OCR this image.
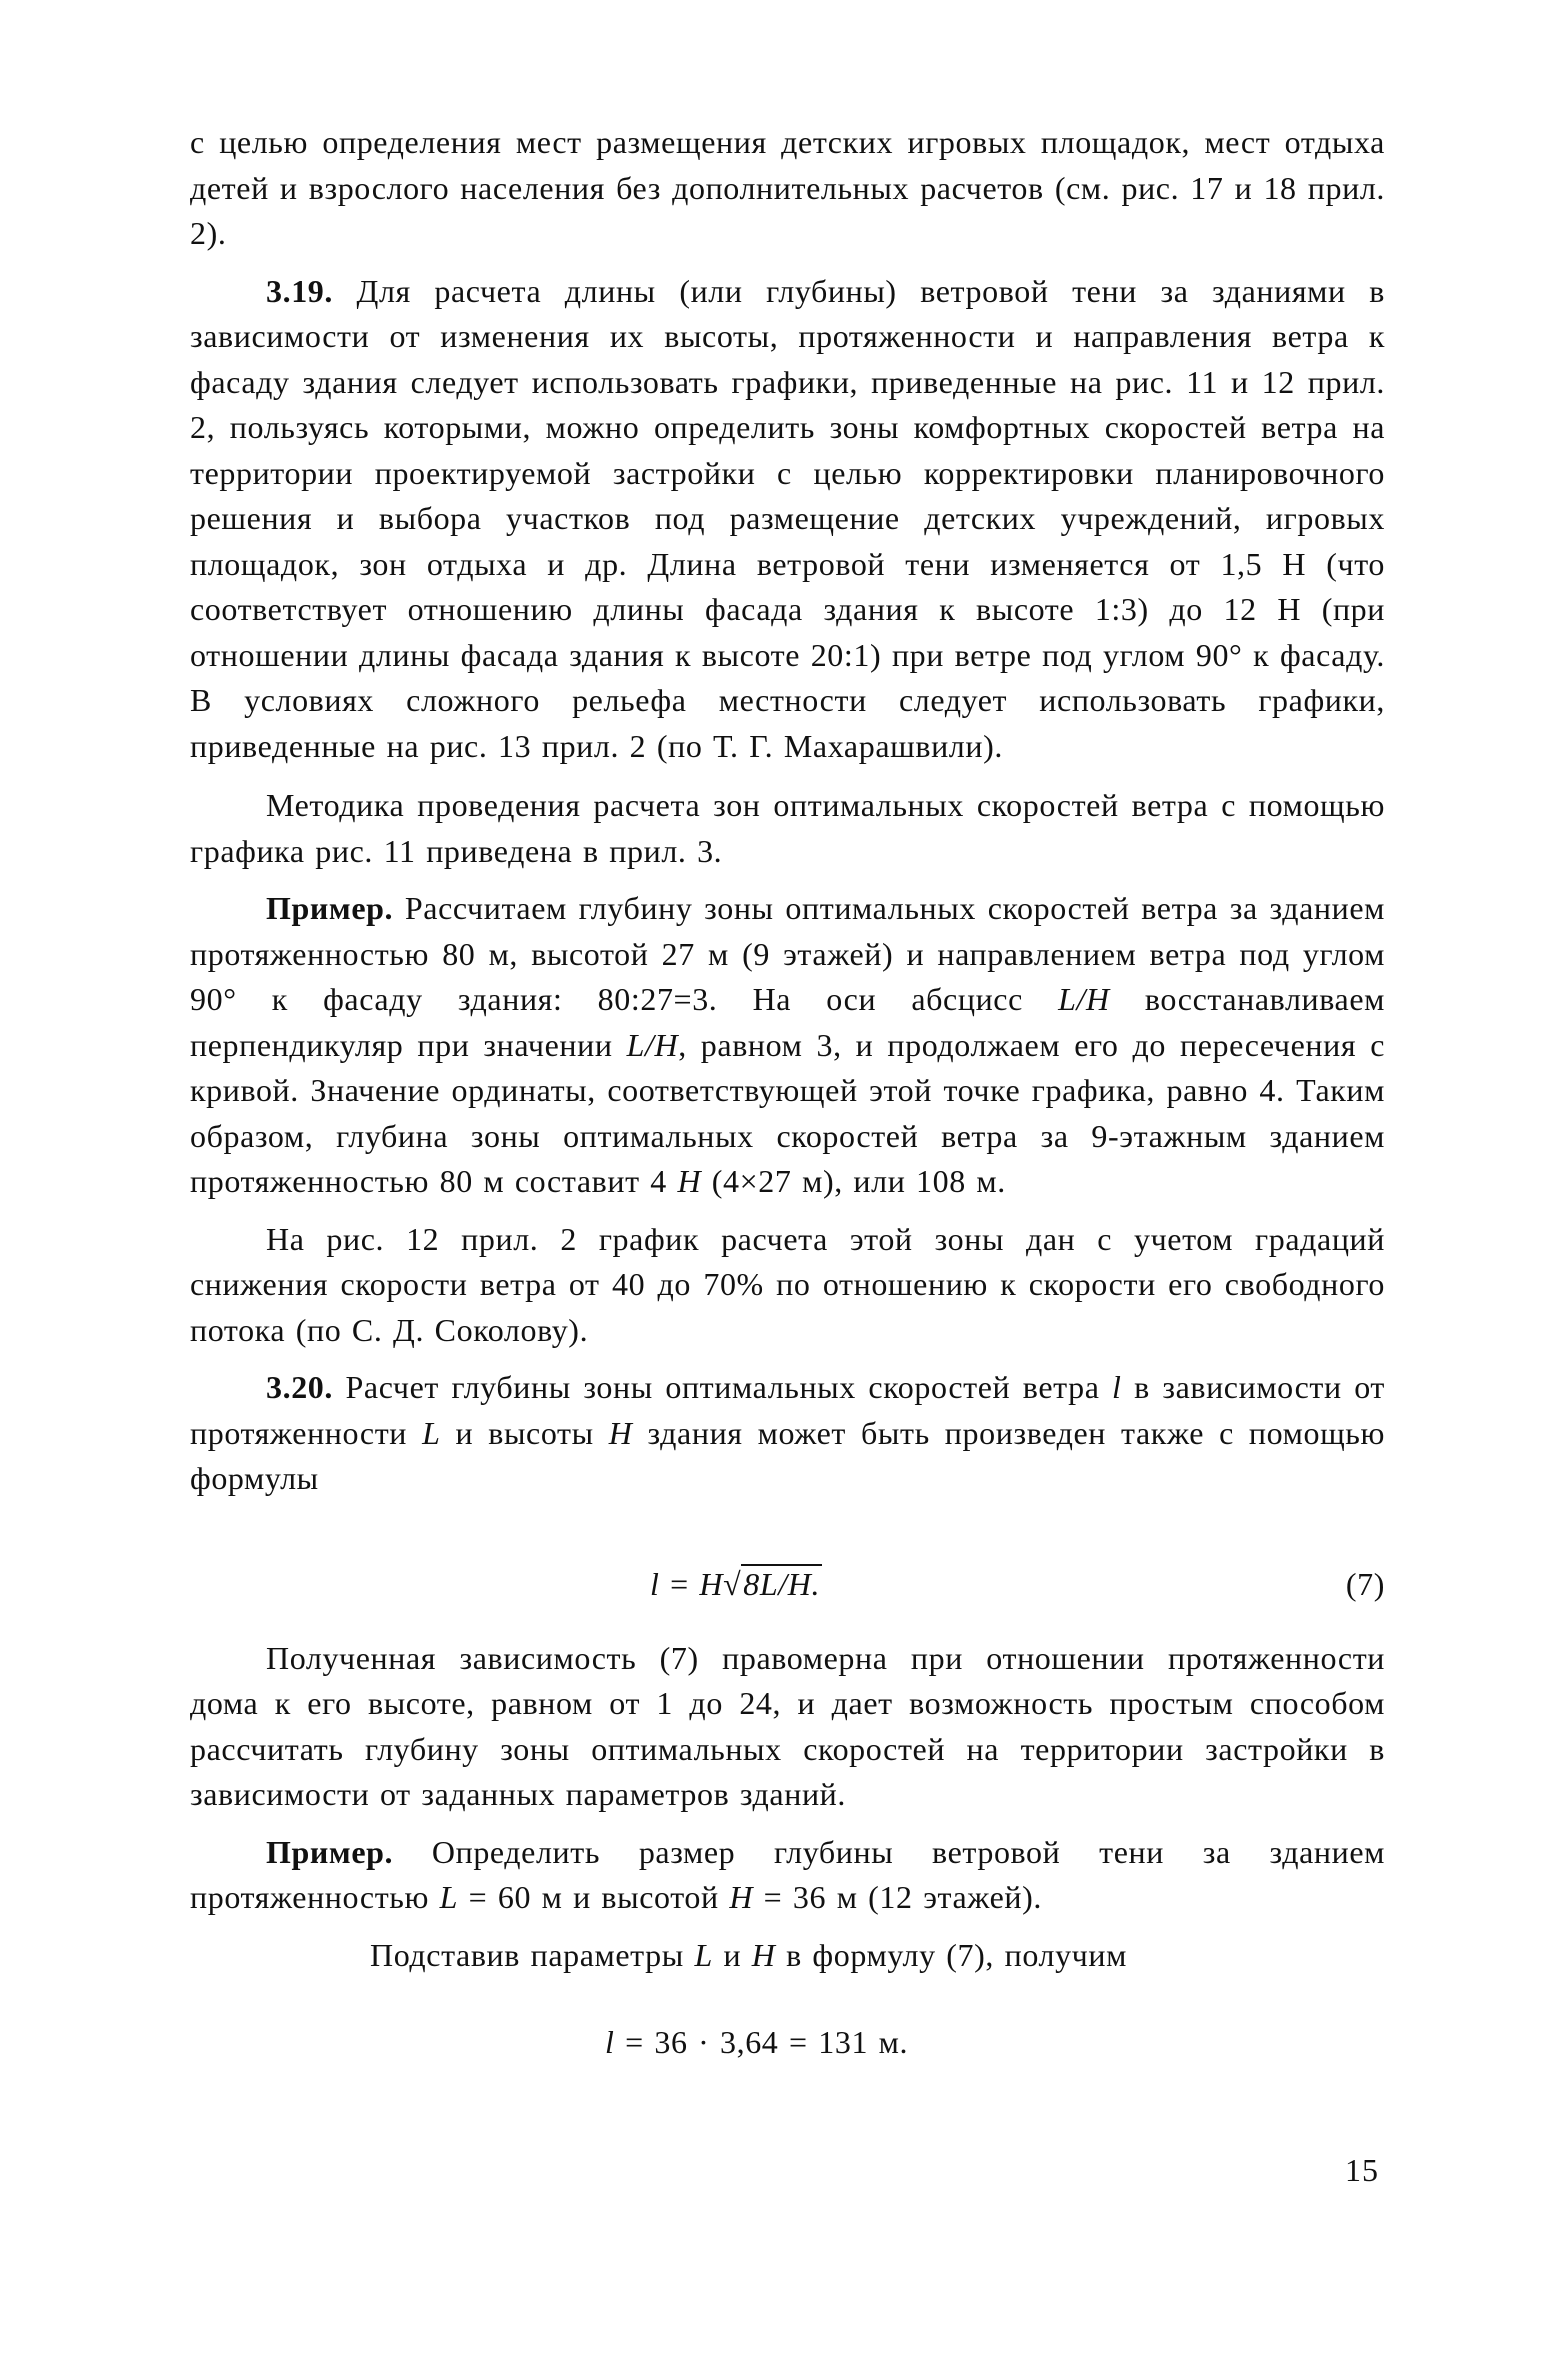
с целью определения мест размещения детских игровых площадок, мест отдыха детей и взрослого населения без дополнительных расчетов (см. рис. 17 и 18 прил. 2).

3.19. Для расчета длины (или глубины) ветровой тени за зданиями в зависимости от изменения их высоты, протяженности и направления ветра к фасаду здания следует использовать графики, приведенные на рис. 11 и 12 прил. 2, пользуясь которыми, можно определить зоны комфортных скоростей ветра на территории проектируемой застройки с целью корректировки планировочного решения и выбора участков под размещение детских учреждений, игровых площадок, зон отдыха и др. Длина ветровой тени изменяется от 1,5 Н (что соответствует отношению длины фасада здания к высоте 1:3) до 12 Н (при отношении длины фасада здания к высоте 20:1) при ветре под углом 90° к фасаду. В условиях сложного рельефа местности следует использовать графики, приведенные на рис. 13 прил. 2 (по Т. Г. Махарашвили).

Методика проведения расчета зон оптимальных скоростей ветра с помощью графика рис. 11 приведена в прил. 3.

Пример. Рассчитаем глубину зоны оптимальных скоростей ветра за зданием протяженностью 80 м, высотой 27 м (9 этажей) и направлением ветра под углом 90° к фасаду здания: 80:27=3. На оси абсцисс L/H восстанавливаем перпендикуляр при значении L/H, равном 3, и продолжаем его до пересечения с кривой. Значение ординаты, соответствующей этой точке графика, равно 4. Таким образом, глубина зоны оптимальных скоростей ветра за 9-этажным зданием протяженностью 80 м составит 4 H (4×27 м), или 108 м.

На рис. 12 прил. 2 график расчета этой зоны дан с учетом градаций снижения скорости ветра от 40 до 70% по отношению к скорости его свободного потока (по С. Д. Соколову).

3.20. Расчет глубины зоны оптимальных скоростей ветра l в зависимости от протяженности L и высоты H здания может быть произведен также с помощью формулы

l = H√8L/H.	(7)

Полученная зависимость (7) правомерна при отношении протяженности дома к его высоте, равном от 1 до 24, и дает возможность простым способом рассчитать глубину зоны оптимальных скоростей на территории застройки в зависимости от заданных параметров зданий.

Пример. Определить размер глубины ветровой тени за зданием протяженностью L = 60 м и высотой H = 36 м (12 этажей).

Подставив параметры L и H в формулу (7), получим

l = 36 · 3,64 = 131 м.
15
